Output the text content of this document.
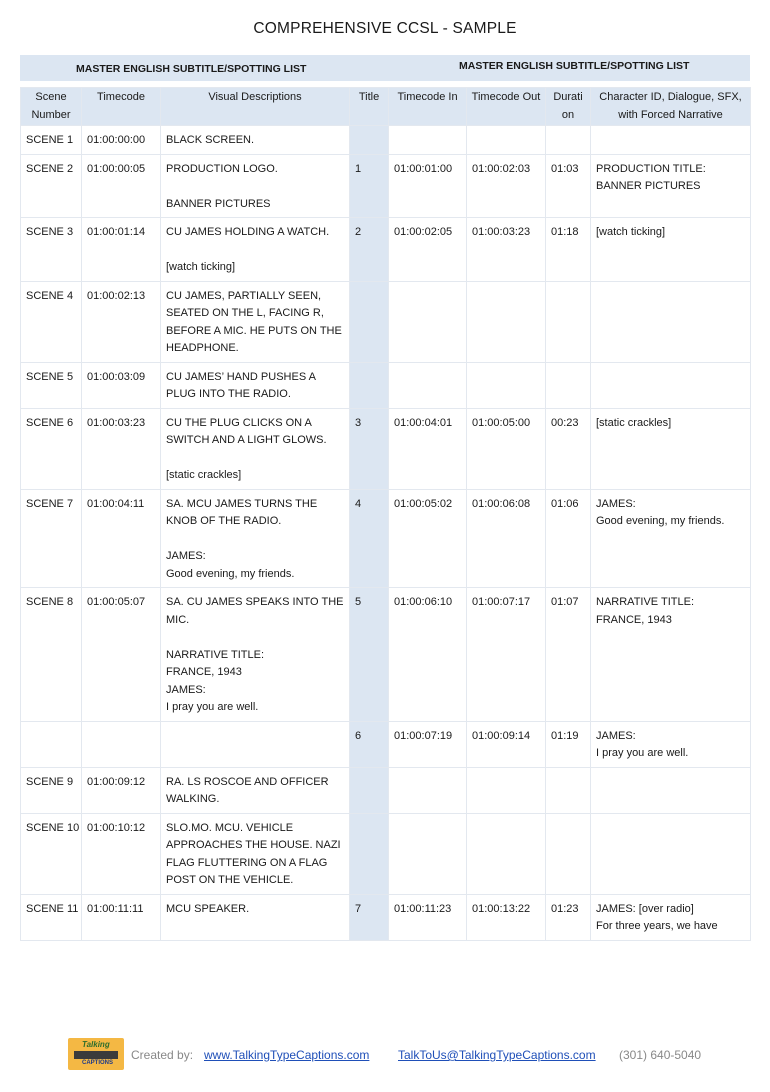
COMPREHENSIVE CCSL - SAMPLE
MASTER ENGLISH SUBTITLE/SPOTTING LIST	MASTER ENGLISH SUBTITLE/SPOTTING LIST
Scene Number	Timecode	Visual Descriptions	Title	Timecode In	Timecode Out	Durati on	Character ID, Dialogue, SFX, with Forced Narrative
SCENE 1	01:00:00:00	BLACK SCREEN.					
SCENE 2	01:00:00:05	PRODUCTION LOGO.

BANNER PICTURES	1	01:00:01:00	01:00:02:03	01:03	PRODUCTION TITLE:
BANNER PICTURES
SCENE 3	01:00:01:14	CU JAMES HOLDING A WATCH.

[watch ticking]	2	01:00:02:05	01:00:03:23	01:18	[watch ticking]
SCENE 4	01:00:02:13	CU JAMES, PARTIALLY SEEN, SEATED ON THE L, FACING R, BEFORE A MIC. HE PUTS ON THE HEADPHONE.					
SCENE 5	01:00:03:09	CU JAMES’ HAND PUSHES A PLUG INTO THE RADIO.					
SCENE 6	01:00:03:23	CU THE PLUG CLICKS ON A SWITCH AND A LIGHT GLOWS.

[static crackles]	3	01:00:04:01	01:00:05:00	00:23	[static crackles]
SCENE 7	01:00:04:11	SA. MCU JAMES TURNS THE KNOB OF THE RADIO.

JAMES:
Good evening, my friends.	4	01:00:05:02	01:00:06:08	01:06	JAMES:
Good evening, my friends.
SCENE 8	01:00:05:07	SA. CU JAMES SPEAKS INTO THE MIC.

NARRATIVE TITLE:
FRANCE, 1943
JAMES:
I pray you are well.	5	01:00:06:10	01:00:07:17	01:07	NARRATIVE TITLE:
FRANCE, 1943
			6	01:00:07:19	01:00:09:14	01:19	JAMES:
I pray you are well.
SCENE 9	01:00:09:12	RA. LS ROSCOE AND OFFICER WALKING.					
SCENE 10	01:00:10:12	SLO.MO. MCU. VEHICLE APPROACHES THE HOUSE. NAZI FLAG FLUTTERING ON A FLAG POST ON THE VEHICLE.					
SCENE 11	01:00:11:11	MCU SPEAKER.	7	01:00:11:23	01:00:13:22	01:23	JAMES: [over radio]
For three years, we have
Talking
CAPTIONS
Created by: www.TalkingTypeCaptions.com TalkToUs@TalkingTypeCaptions.com (301) 640-5040
